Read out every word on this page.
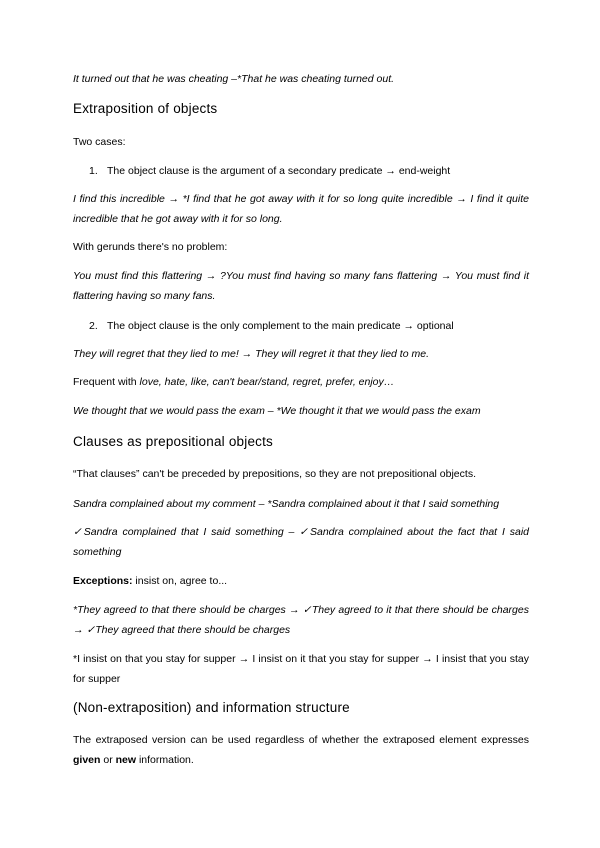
It turned out that he was cheating –*That he was cheating turned out.

Extraposition of objects

Two cases:

1. The object clause is the argument of a secondary predicate → end-weight

I find this incredible → *I find that he got away with it for so long quite incredible → I find it quite incredible that he got away with it for so long.

With gerunds there's no problem:

You must find this flattering → ?You must find having so many fans flattering → You must find it flattering having so many fans.

2. The object clause is the only complement to the main predicate → optional

They will regret that they lied to me! → They will regret it that they lied to me.

Frequent with love, hate, like, can't bear/stand, regret, prefer, enjoy…

We thought that we would pass the exam – *We thought it that we would pass the exam

Clauses as prepositional objects

“That clauses” can't be preceded by prepositions, so they are not prepositional objects.

Sandra complained about my comment – *Sandra complained about it that I said something

✓Sandra complained that I said something – ✓Sandra complained about the fact that I said something

Exceptions: insist on, agree to...

*They agreed to that there should be charges → ✓They agreed to it that there should be charges → ✓They agreed that there should be charges

*I insist on that you stay for supper → I insist on it that you stay for supper → I insist that you stay for supper

(Non-extraposition) and information structure

The extraposed version can be used regardless of whether the extraposed element expresses given or new information.
